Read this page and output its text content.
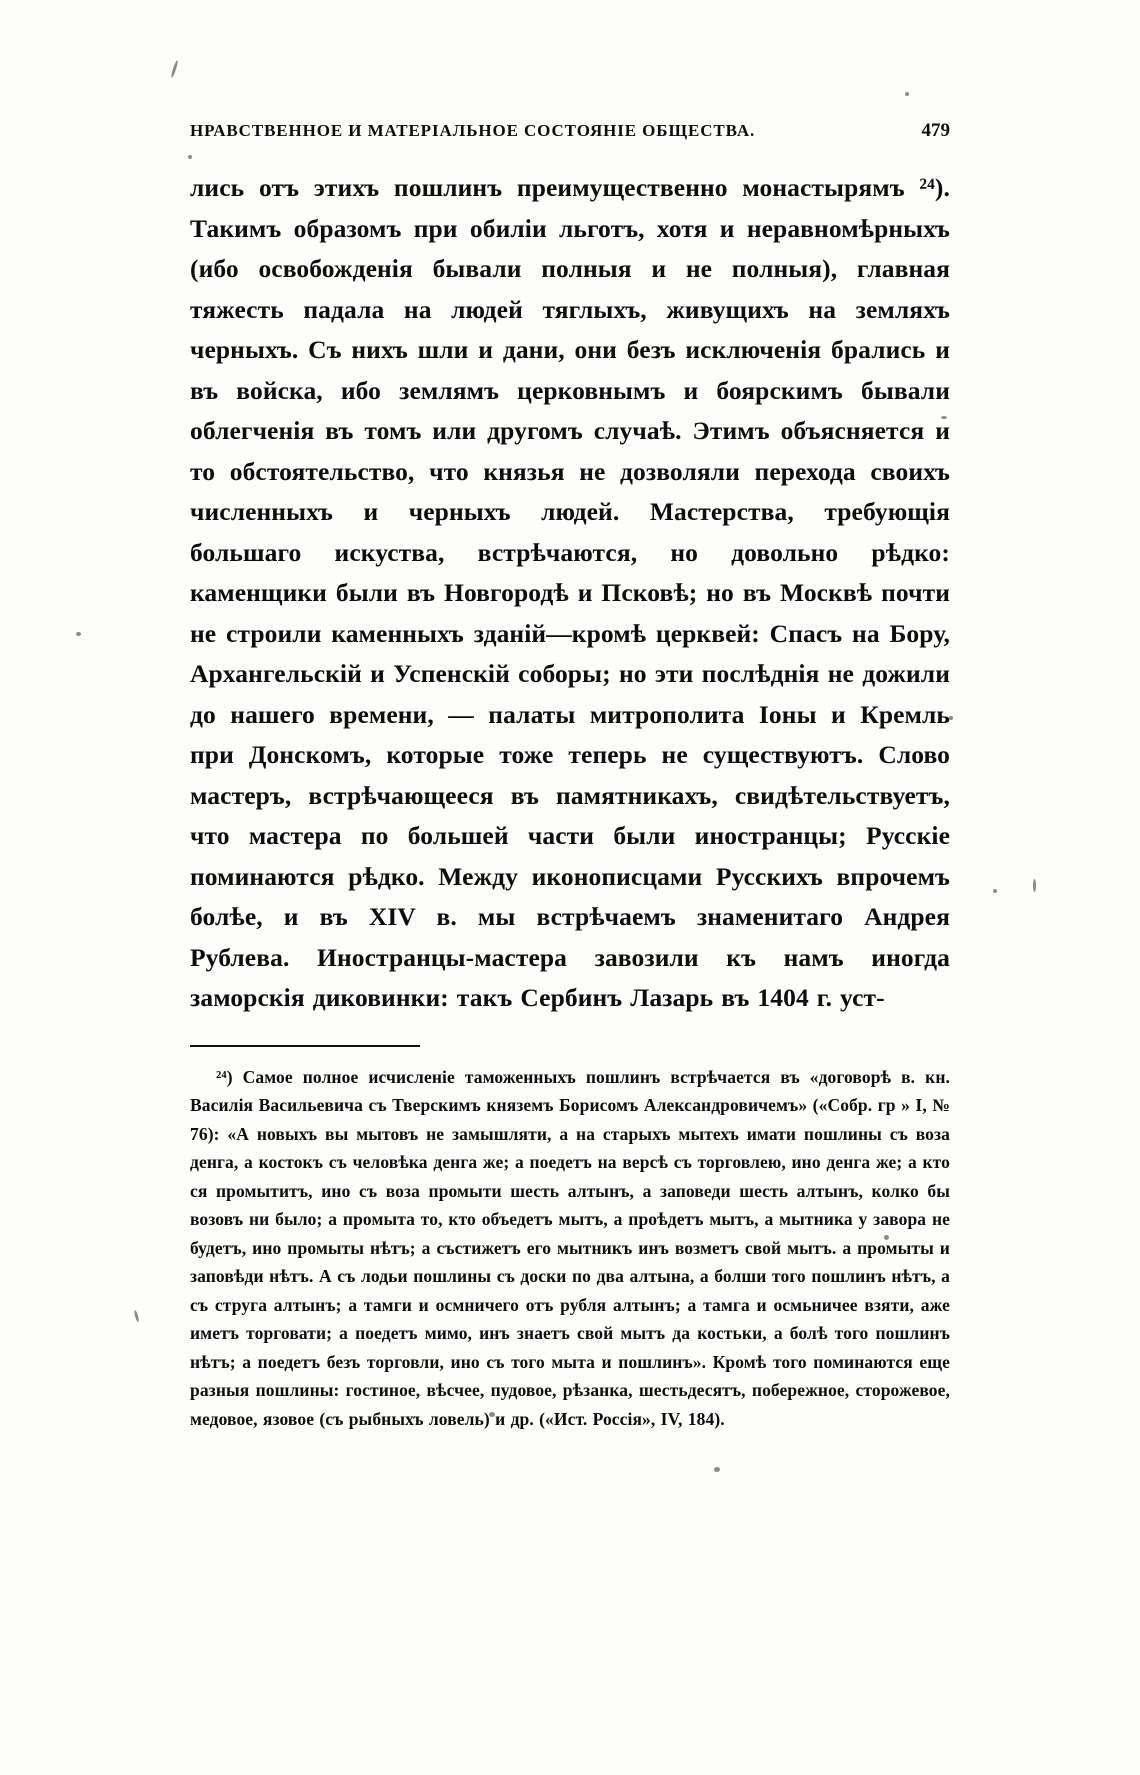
НРАВСТВЕННОЕ И МАТЕРІАЛЬНОЕ СОСТОЯНІЕ ОБЩЕСТВА.	479
лись отъ этихъ пошлинъ преимущественно монастырямъ ²⁴). Такимъ образомъ при обиліи льготъ, хотя и неравномѣрныхъ (ибо освобожденія бывали полныя и не полныя), главная тяжесть падала на людей тяглыхъ, живущихъ на земляхъ черныхъ. Съ нихъ шли и дани, они безъ исключенія брались и въ войска, ибо землямъ церковнымъ и боярскимъ бывали облегченія въ томъ или другомъ случаѣ. Этимъ объясняется и то обстоятельство, что князья не дозволяли перехода своихъ численныхъ и черныхъ людей. Мастерства, требующія большаго искуства, встрѣчаются, но довольно рѣдко: каменщики были въ Новгородѣ и Псковѣ; но въ Москвѣ почти не строили каменныхъ зданій—кромѣ церквей: Спасъ на Бору, Архангельскій и Успенскій соборы; но эти послѣднія не дожили до нашего времени, — палаты митрополита Іоны и Кремль при Донскомъ, которые тоже теперь не существуютъ. Слово мастеръ, встрѣчающееся въ памятникахъ, свидѣтельствуетъ, что мастера по большей части были иностранцы; Русскіе поминаются рѣдко. Между иконописцами Русскихъ впрочемъ болѣе, и въ XIV в. мы встрѣчаемъ знаменитаго Андрея Рублева. Иностранцы-мастера завозили къ намъ иногда заморскія диковинки: такъ Сербинъ Лазарь въ 1404 г. уст-
²⁴) Самое полное исчисленіе таможенныхъ пошлинъ встрѣчается въ «договорѣ в. кн. Василія Васильевича съ Тверскимъ княземъ Борисомъ Александровичемъ» («Собр. гр » I, № 76): «А новыхъ вы мытовъ не замышляти, а на старыхъ мытехъ имати пошлины съ воза денга, а костокъ съ человѣка денга же; а поедетъ на версѣ съ торговлею, ино денга же; а кто ся промытитъ, ино съ воза промыти шесть алтынъ, а заповеди шесть алтынъ, колко бы возовъ ни было; а промыта то, кто объедетъ мытъ, а проѣдетъ мытъ, а мытника у завора не будетъ, ино промыты нѣтъ; а състижетъ его мытникъ инъ возметъ свой мытъ. а промыты и заповѣди нѣтъ. А съ лодьи пошлины съ доски по два алтына, а болши того пошлинъ нѣтъ, а съ струга алтынъ; а тамги и осмничего отъ рубля алтынъ; а тамга и осмьничее взяти, аже иметъ торговати; а поедетъ мимо, инъ знаетъ свой мытъ да костьки, а болѣ того пошлинъ нѣтъ; а поедетъ безъ торговли, ино съ того мыта и пошлинъ». Кромѣ того поминаются еще разныя пошлины: гостиное, вѣсчее, пудовое, рѣзанка, шестьдесятъ, побережное, сторожевое, медовое, язовое (съ рыбныхъ ловель) и др. («Ист. Россія», IV, 184).
